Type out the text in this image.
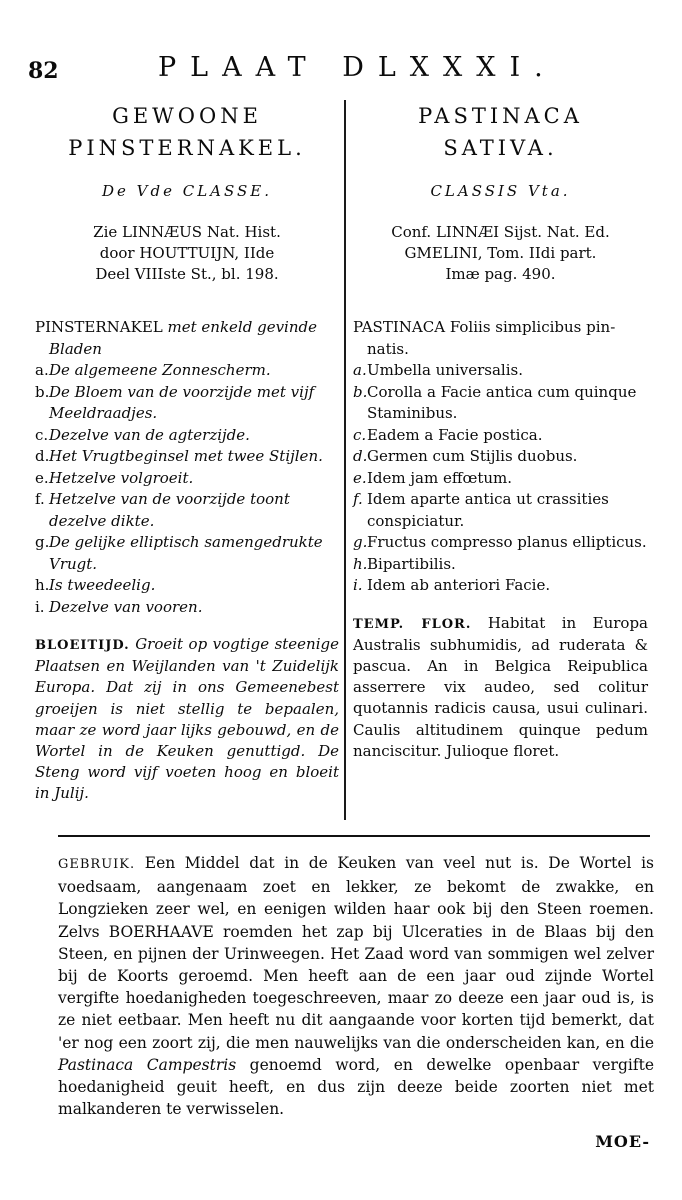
82	PLAAT DLXXXI.

GEWOONE

PINSTERNAKEL.

De Vde CLASSE.
Zie LINNÆUS Nat. Hist.
door HOUTTUIJN, IIde
Deel VIIIste St., bl. 198.
PINSTERNAKEL met enkeld gevinde
Bladen
a. De algemeene Zonnescherm.
b. De Bloem van de voorzijde met vijf Meeldraadjes.
c. Dezelve van de agterzijde.
d. Het Vrugtbeginsel met twee Stijlen.
e. Hetzelve volgroeit.
f. Hetzelve van de voorzijde toont dezelve dikte.
g. De gelijke elliptisch samengedrukte Vrugt.
h. Is tweedeelig.
i. Dezelve van vooren.
BLOEITIJD. Groeit op vogtige steenige Plaatsen en Weijlanden van 't Zuidelijk Europa. Dat zij in ons Gemeenebest groeijen is niet stellig te bepaalen, maar ze word jaar lijks gebouwd, en de Wortel in de Keuken genuttigd. De Steng word vijf voeten hoog en bloeit in Julij.

PASTINACA

SATIVA.

CLASSIS Vta.
Conf. LINNÆI Sijst. Nat. Ed.
GMELINI, Tom. IIdi part.
Imæ pag. 490.
PASTINACA Foliis simplicibus pin-
natis.
a. Umbella universalis.
b. Corolla a Facie antica cum quinque Staminibus.
c. Eadem a Facie postica.
d. Germen cum Stijlis duobus.
e. Idem jam effœtum.
f. Idem aparte antica ut crassities conspiciatur.
g. Fructus compresso planus ellipticus.
h. Bipartibilis.
i. Idem ab anteriori Facie.
TEMP. FLOR. Habitat in Europa Australis subhumidis, ad ruderata & pascua. An in Belgica Reipublica asserrere vix audeo, sed colitur quotannis radicis causa, usui culinari. Caulis altitudinem quinque pedum nanciscitur. Julioque floret.
GEBRUIK. Een Middel dat in de Keuken van veel nut is. De Wortel is voedsaam, aangenaam zoet en lekker, ze bekomt de zwakke, en Longzieken zeer wel, en eenigen wilden haar ook bij den Steen roemen. Zelvs BOERHAAVE roemden het zap bij Ulceraties in de Blaas bij den Steen, en pijnen der Urinweegen. Het Zaad word van sommigen wel zelver bij de Koorts geroemd. Men heeft aan de een jaar oud zijnde Wortel vergifte hoedanigheden toegeschreeven, maar zo deeze een jaar oud is, is ze niet eetbaar. Men heeft nu dit aangaande voor korten tijd bemerkt, dat 'er nog een zoort zij, die men nauwelijks van die onderscheiden kan, en die Pastinaca Campestris genoemd word, en dewelke openbaar vergifte hoedanigheid geuit heeft, en dus zijn deeze beide zoorten niet met malkanderen te verwisselen.
MOE-
